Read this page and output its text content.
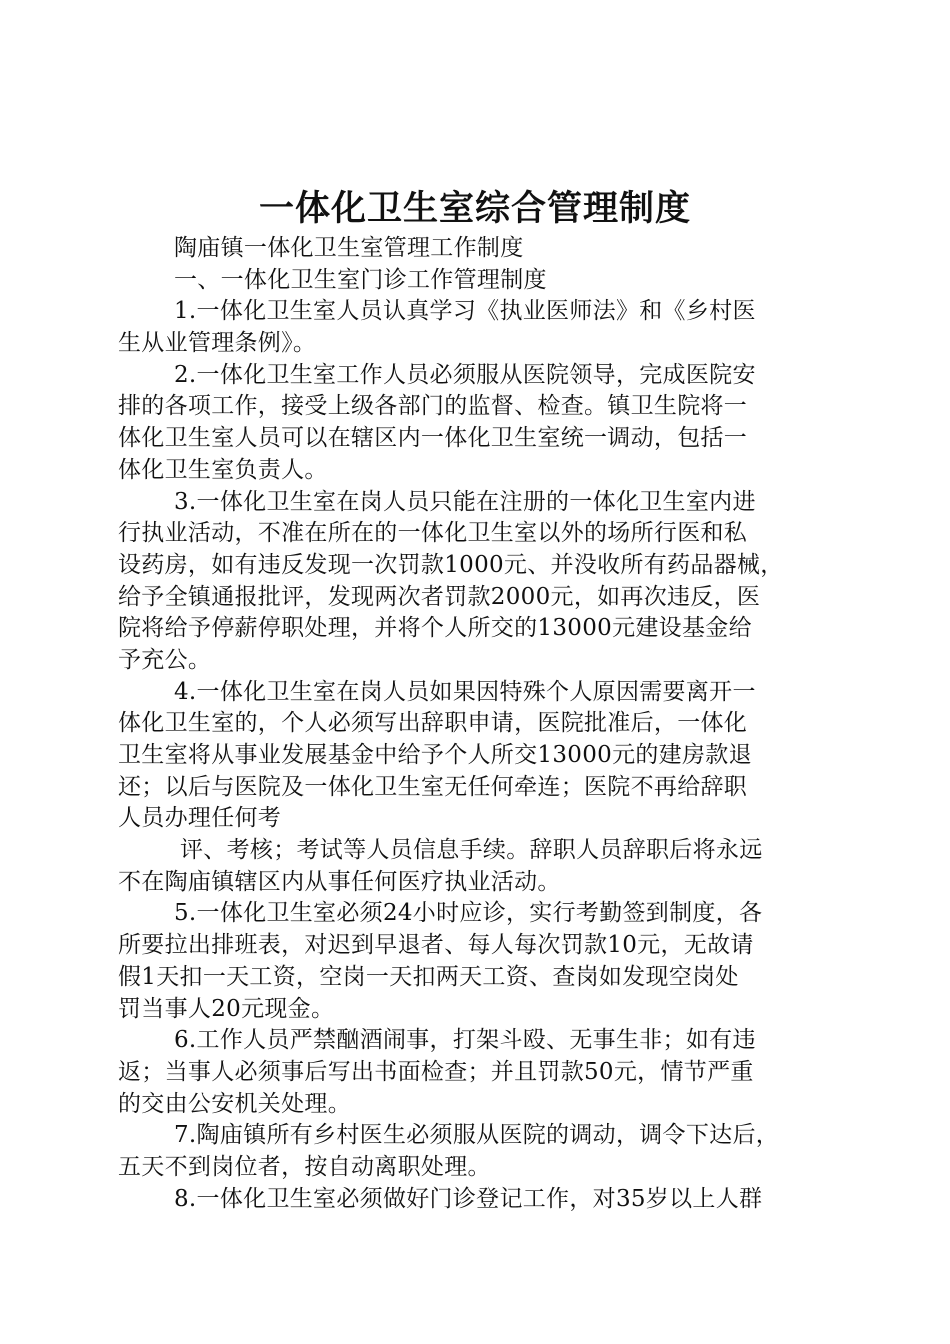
一体化卫生室综合管理制度
陶庙镇一体化卫生室管理工作制度
一、一体化卫生室门诊工作管理制度
1.一体化卫生室人员认真学习《执业医师法》和《乡村医
生从业管理条例》。
2.一体化卫生室工作人员必须服从医院领导，完成医院安
排的各项工作，接受上级各部门的监督、检查。镇卫生院将一
体化卫生室人员可以在辖区内一体化卫生室统一调动，包括一
体化卫生室负责人。
3.一体化卫生室在岗人员只能在注册的一体化卫生室内进
行执业活动，不准在所在的一体化卫生室以外的场所行医和私
设药房，如有违反发现一次罚款1000元、并没收所有药品器械，
给予全镇通报批评，发现两次者罚款2000元，如再次违反，医
院将给予停薪停职处理，并将个人所交的13000元建设基金给
予充公。
4.一体化卫生室在岗人员如果因特殊个人原因需要离开一
体化卫生室的，个人必须写出辞职申请，医院批准后，一体化
卫生室将从事业发展基金中给予个人所交13000元的建房款退
还；以后与医院及一体化卫生室无任何牵连；医院不再给辞职
人员办理任何考
评、考核；考试等人员信息手续。辞职人员辞职后将永远
不在陶庙镇辖区内从事任何医疗执业活动。
5.一体化卫生室必须24小时应诊，实行考勤签到制度，各
所要拉出排班表，对迟到早退者、每人每次罚款10元，无故请
假1天扣一天工资，空岗一天扣两天工资、查岗如发现空岗处
罚当事人20元现金。
6.工作人员严禁酗酒闹事，打架斗殴、无事生非；如有违
返；当事人必须事后写出书面检查；并且罚款50元，情节严重
的交由公安机关处理。
7.陶庙镇所有乡村医生必须服从医院的调动，调令下达后，
五天不到岗位者，按自动离职处理。
8.一体化卫生室必须做好门诊登记工作，对35岁以上人群
